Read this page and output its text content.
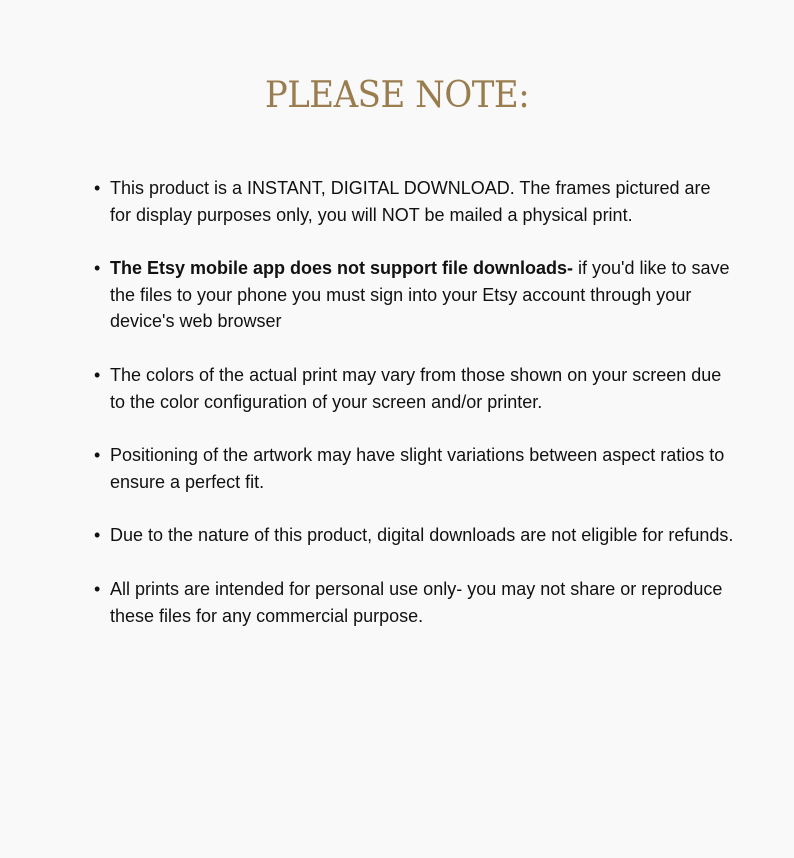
PLEASE NOTE:
• This product is a INSTANT, DIGITAL DOWNLOAD. The frames pictured are for display purposes only, you will NOT be mailed a physical print.
• The Etsy mobile app does not support file downloads- if you'd like to save the files to your phone you must sign into your Etsy account through your device's web browser
• The colors of the actual print may vary from those shown on your screen due to the color configuration of your screen and/or printer.
• Positioning of the artwork may have slight variations between aspect ratios to ensure a perfect fit.
• Due to the nature of this product, digital downloads are not eligible for refunds.
• All prints are intended for personal use only- you may not share or reproduce these files for any commercial purpose.
